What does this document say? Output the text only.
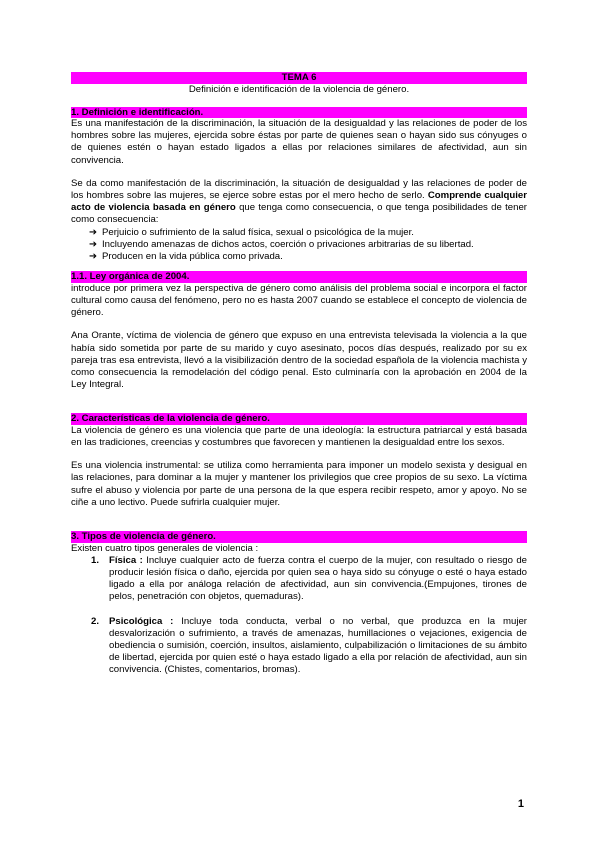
TEMA 6
Definición e identificación de la violencia de género.
1. Definición e identificación.

Es una manifestación de la discriminación, la situación de la desigualdad y las relaciones de poder de los hombres sobre las mujeres, ejercida sobre éstas por parte de quienes sean o hayan sido sus cónyuges o de quienes estén o hayan estado ligados a ellas por relaciones similares de afectividad, aun sin convivencia.

Se da como manifestación de la discriminación, la situación de desigualdad y las relaciones de poder de los hombres sobre las mujeres, se ejerce sobre estas por el mero hecho de serlo. Comprende cualquier acto de violencia basada en género que tenga como consecuencia, o que tenga posibilidades de tener como consecuencia:

➔ Perjuicio o sufrimiento de la salud física, sexual o psicológica de la mujer.
➔ Incluyendo amenazas de dichos actos, coerción o privaciones arbitrarias de su libertad.
➔ Producen en la vida pública como privada.
1.1. Ley orgánica de 2004.

introduce por primera vez la perspectiva de género como análisis del problema social e incorpora el factor cultural como causa del fenómeno, pero no es hasta 2007 cuando se establece el concepto de violencia de género.

Ana Orante, víctima de violencia de género que expuso en una entrevista televisada la violencia a la que había sido sometida por parte de su marido y cuyo asesinato, pocos días después, realizado por su ex pareja tras esa entrevista, llevó a la visibilización dentro de la sociedad española de la violencia machista y como consecuencia la remodelación del código penal. Esto culminaría con la aprobación en 2004 de la Ley Integral.

2. Características de la violencia de género.

La violencia de género es una violencia que parte de una ideología: la estructura patriarcal y está basada en las tradiciones, creencias y costumbres que favorecen y mantienen la desigualdad entre los sexos.

Es una violencia instrumental: se utiliza como herramienta para imponer un modelo sexista y desigual en las relaciones, para dominar a la mujer y mantener los privilegios que cree propios de su sexo. La víctima sufre el abuso y violencia por parte de una persona de la que espera recibir respeto, amor y apoyo. No se ciñe a uno lectivo. Puede sufrirla cualquier mujer.

3. Tipos de violencia de género.

Existen cuatro tipos generales de violencia :

1. Física : Incluye cualquier acto de fuerza contra el cuerpo de la mujer, con resultado o riesgo de producir lesión física o daño, ejercida por quien sea o haya sido su cónyuge o esté o haya estado ligado a ella por análoga relación de afectividad, aun sin convivencia.(Empujones, tirones de pelos, penetración con objetos, quemaduras).
2. Psicológica : Incluye toda conducta, verbal o no verbal, que produzca en la mujer desvalorización o sufrimiento, a través de amenazas, humillaciones o vejaciones, exigencia de obediencia o sumisión, coerción, insultos, aislamiento, culpabilización o limitaciones de su ámbito de libertad, ejercida por quien esté o haya estado ligado a ella por relación de afectividad, aun sin convivencia. (Chistes, comentarios, bromas).
1
